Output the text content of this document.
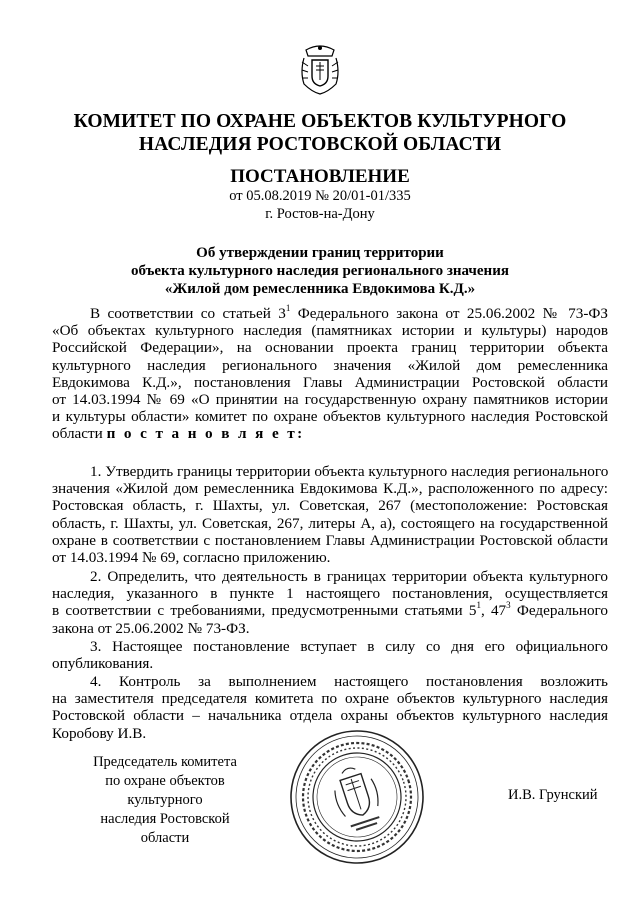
КОМИТЕТ ПО ОХРАНЕ ОБЪЕКТОВ КУЛЬТУРНОГО
НАСЛЕДИЯ РОСТОВСКОЙ ОБЛАСТИ
ПОСТАНОВЛЕНИЕ
от 05.08.2019 № 20/01-01/335
г. Ростов-на-Дону
Об утверждении границ территории
объекта культурного наследия регионального значения
«Жилой дом ремесленника Евдокимова К.Д.»
В соответствии со статьей $3^1$ Федерального закона от 25.06.2002 № 73-ФЗ
«Об объектах культурного наследия (памятниках истории и культуры) народов
Российской Федерации», на основании проекта границ территории объекта
культурного наследия регионального значения «Жилой дом ремесленника
Евдокимова К.Д.», постановления Главы Администрации Ростовской области
от 14.03.1994 № 69 «О принятии на государственную охрану памятников истории
и культуры области» комитет по охране объектов культурного наследия Ростовской
области п о с т а н о в л я е т:
1. Утвердить границы территории объекта культурного наследия регионального
значения «Жилой дом ремесленника Евдокимова К.Д.», расположенного по адресу:
Ростовская область, г. Шахты, ул. Советская, 267 (местоположение: Ростовская
область, г. Шахты, ул. Советская, 267, литеры А, а), состоящего на государственной
охране в соответствии с постановлением Главы Администрации Ростовской области
от 14.03.1994 № 69, согласно приложению.
2. Определить, что деятельность в границах территории объекта культурного
наследия, указанного в пункте 1 настоящего постановления, осуществляется
в соответствии с требованиями, предусмотренными статьями $5^1$, $47^3$ Федерального
закона от 25.06.2002 № 73-ФЗ.
3. Настоящее постановление вступает в силу со дня его официального
опубликования.
4. Контроль за выполнением настоящего постановления возложить
на заместителя председателя комитета по охране объектов культурного наследия
Ростовской области – начальника отдела охраны объектов культурного наследия
Коробову И.В.
Председатель комитета
по охране объектов культурного
наследия Ростовской области
И.В. Грунский
